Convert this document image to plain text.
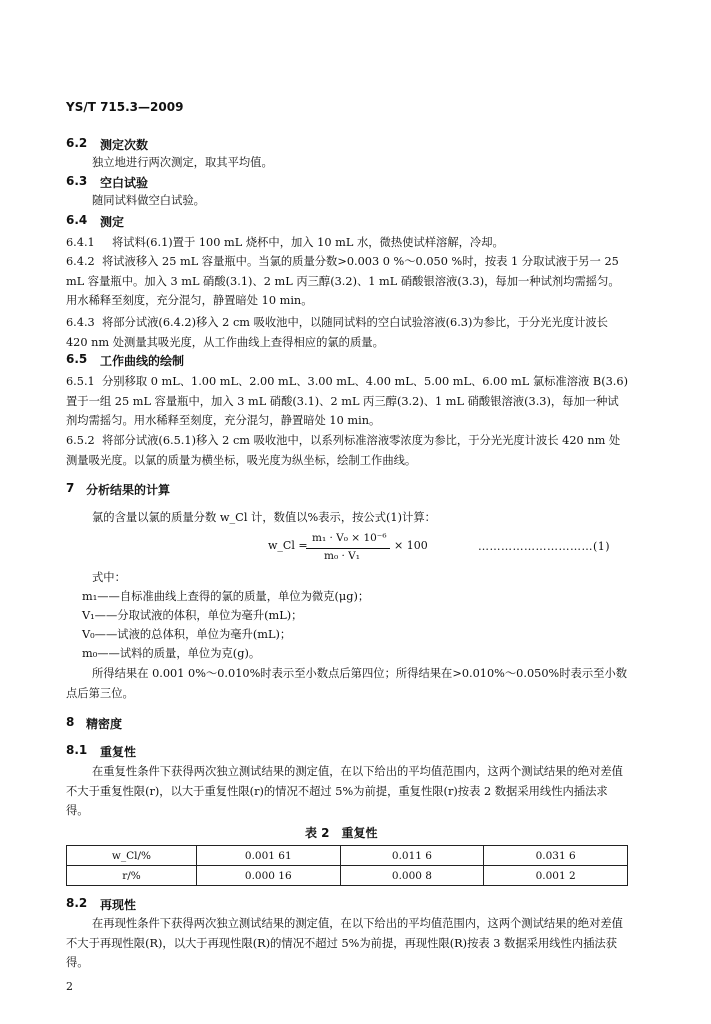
YS/T 715.3—2009
6.2 测定次数
独立地进行两次测定，取其平均值。
6.3 空白试验
随同试料做空白试验。
6.4 测定
6.4.1 将试料(6.1)置于 100 mL 烧杯中，加入 10 mL 水，微热使试样溶解，冷却。
6.4.2 将试液移入 25 mL 容量瓶中。当氯的质量分数>0.003 0 %～0.050 %时，按表 1 分取试液于另一 25 mL 容量瓶中。加入 3 mL 硝酸(3.1)、2 mL 丙三醇(3.2)、1 mL 硝酸银溶液(3.3)，每加一种试剂均需摇匀。用水稀释至刻度，充分混匀，静置暗处 10 min。
6.4.3 将部分试液(6.4.2)移入 2 cm 吸收池中，以随同试料的空白试验溶液(6.3)为参比，于分光光度计波长 420 nm 处测量其吸光度，从工作曲线上查得相应的氯的质量。
6.5 工作曲线的绘制
6.5.1 分别移取 0 mL、1.00 mL、2.00 mL、3.00 mL、4.00 mL、5.00 mL、6.00 mL 氯标准溶液 B(3.6)置于一组 25 mL 容量瓶中，加入 3 mL 硝酸(3.1)、2 mL 丙三醇(3.2)、1 mL 硝酸银溶液(3.3)，每加一种试剂均需摇匀。用水稀释至刻度，充分混匀，静置暗处 10 min。
6.5.2 将部分试液(6.5.1)移入 2 cm 吸收池中，以系列标准溶液零浓度为参比，于分光光度计波长 420 nm 处测量吸光度。以氯的质量为横坐标，吸光度为纵坐标，绘制工作曲线。
7 分析结果的计算
氯的含量以氯的质量分数 w_Cl 计，数值以%表示，按公式(1)计算：
w_Cl =
m₁ · V₀ × 10⁻⁶
m₀ · V₁
× 100	…………………………(1)
式中：
m₁——自标准曲线上查得的氯的质量，单位为微克(μg)；
V₁——分取试液的体积，单位为毫升(mL)；
V₀——试液的总体积，单位为毫升(mL)；
m₀——试料的质量，单位为克(g)。
所得结果在 0.001 0%～0.010%时表示至小数点后第四位；所得结果在>0.010%～0.050%时表示至小数点后第三位。
8 精密度
8.1 重复性
在重复性条件下获得两次独立测试结果的测定值，在以下给出的平均值范围内，这两个测试结果的绝对差值不大于重复性限(r)，以大于重复性限(r)的情况不超过 5%为前提，重复性限(r)按表 2 数据采用线性内插法求得。
表 2　重复性
w_Cl/%	0.001 61	0.011 6	0.031 6
r/%	0.000 16	0.000 8	0.001 2
8.2 再现性
在再现性条件下获得两次独立测试结果的测定值，在以下给出的平均值范围内，这两个测试结果的绝对差值不大于再现性限(R)，以大于再现性限(R)的情况不超过 5%为前提，再现性限(R)按表 3 数据采用线性内插法获得。
2
